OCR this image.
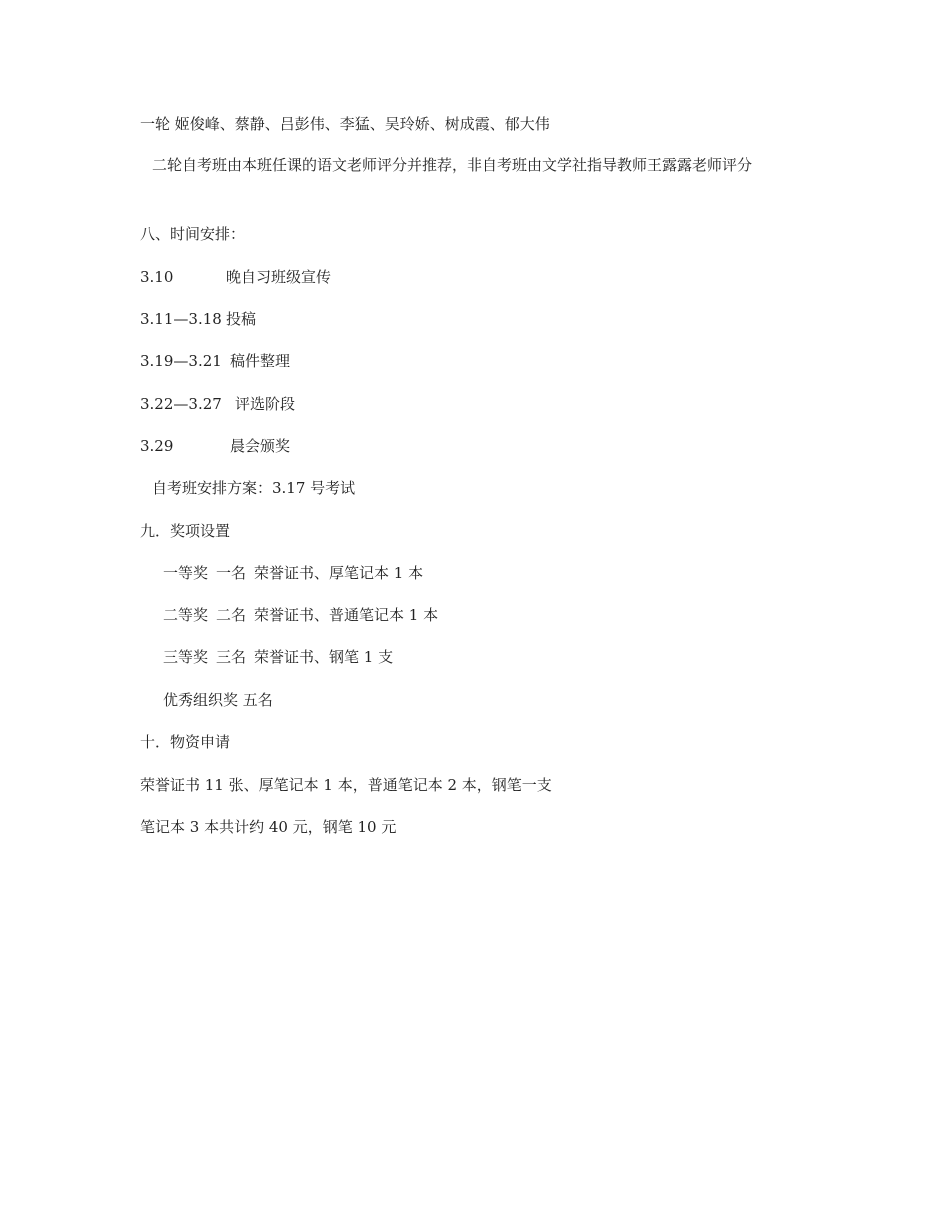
一轮 姬俊峰、蔡静、吕彭伟、李猛、吴玲娇、树成霞、郁大伟
二轮自考班由本班任课的语文老师评分并推荐，非自考班由文学社指导教师王露露老师评分
八、时间安排：
3.10	晚自习班级宣传
3.11—3.18 投稿
3.19—3.21 稿件整理
3.22—3.27 评选阶段
3.29	晨会颁奖
自考班安排方案：3.17 号考试
九．奖项设置
一等奖 一名 荣誉证书、厚笔记本 1 本
二等奖 二名 荣誉证书、普通笔记本 1 本
三等奖 三名 荣誉证书、钢笔 1 支
优秀组织奖 五名
十．物资申请
荣誉证书 11 张、厚笔记本 1 本，普通笔记本 2 本，钢笔一支
笔记本 3 本共计约 40 元，钢笔 10 元
